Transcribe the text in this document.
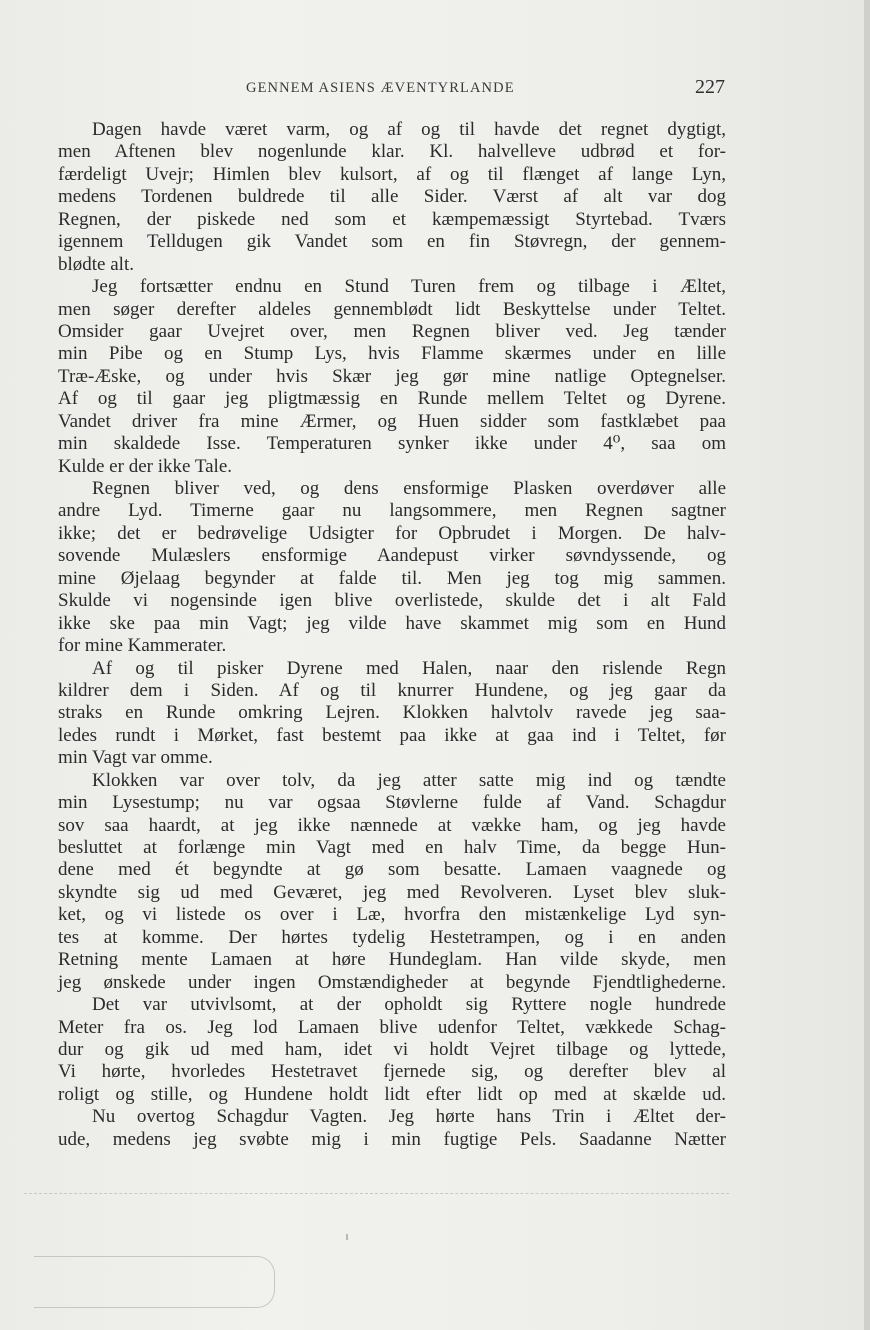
GENNEM ASIENS ÆVENTYRLANDE	227
Dagen havde været varm, og af og til havde det regnet dygtigt,
men Aftenen blev nogenlunde klar. Kl. halvelleve udbrød et for-
færdeligt Uvejr; Himlen blev kulsort, af og til flænget af lange Lyn,
medens Tordenen buldrede til alle Sider. Værst af alt var dog
Regnen, der piskede ned som et kæmpemæssigt Styrtebad. Tværs
igennem Telldugen gik Vandet som en fin Støvregn, der gennem-
blødte alt.
Jeg fortsætter endnu en Stund Turen frem og tilbage i Æltet,
men søger derefter aldeles gennemblødt lidt Beskyttelse under Teltet.
Omsider gaar Uvejret over, men Regnen bliver ved. Jeg tænder
min Pibe og en Stump Lys, hvis Flamme skærmes under en lille
Træ-Æske, og under hvis Skær jeg gør mine natlige Optegnelser.
Af og til gaar jeg pligtmæssig en Runde mellem Teltet og Dyrene.
Vandet driver fra mine Ærmer, og Huen sidder som fastklæbet paa
min skaldede Isse. Temperaturen synker ikke under 4⁰, saa om
Kulde er der ikke Tale.
Regnen bliver ved, og dens ensformige Plasken overdøver alle
andre Lyd. Timerne gaar nu langsommere, men Regnen sagtner
ikke; det er bedrøvelige Udsigter for Opbrudet i Morgen. De halv-
sovende Mulæslers ensformige Aandepust virker søvndyssende, og
mine Øjelaag begynder at falde til. Men jeg tog mig sammen.
Skulde vi nogensinde igen blive overlistede, skulde det i alt Fald
ikke ske paa min Vagt; jeg vilde have skammet mig som en Hund
for mine Kammerater.
Af og til pisker Dyrene med Halen, naar den rislende Regn
kildrer dem i Siden. Af og til knurrer Hundene, og jeg gaar da
straks en Runde omkring Lejren. Klokken halvtolv ravede jeg saa-
ledes rundt i Mørket, fast bestemt paa ikke at gaa ind i Teltet, før
min Vagt var omme.
Klokken var over tolv, da jeg atter satte mig ind og tændte
min Lysestump; nu var ogsaa Støvlerne fulde af Vand. Schagdur
sov saa haardt, at jeg ikke nænnede at vække ham, og jeg havde
besluttet at forlænge min Vagt med en halv Time, da begge Hun-
dene med ét begyndte at gø som besatte. Lamaen vaagnede og
skyndte sig ud med Geværet, jeg med Revolveren. Lyset blev sluk-
ket, og vi listede os over i Læ, hvorfra den mistænkelige Lyd syn-
tes at komme. Der hørtes tydelig Hestetrampen, og i en anden
Retning mente Lamaen at høre Hundeglam. Han vilde skyde, men
jeg ønskede under ingen Omstændigheder at begynde Fjendtlighederne.
Det var utvivlsomt, at der opholdt sig Ryttere nogle hundrede
Meter fra os. Jeg lod Lamaen blive udenfor Teltet, vækkede Schag-
dur og gik ud med ham, idet vi holdt Vejret tilbage og lyttede,
Vi hørte, hvorledes Hestetravet fjernede sig, og derefter blev al
roligt og stille, og Hundene holdt lidt efter lidt op med at skælde ud.
Nu overtog Schagdur Vagten. Jeg hørte hans Trin i Æltet der-
ude, medens jeg svøbte mig i min fugtige Pels. Saadanne Nætter
